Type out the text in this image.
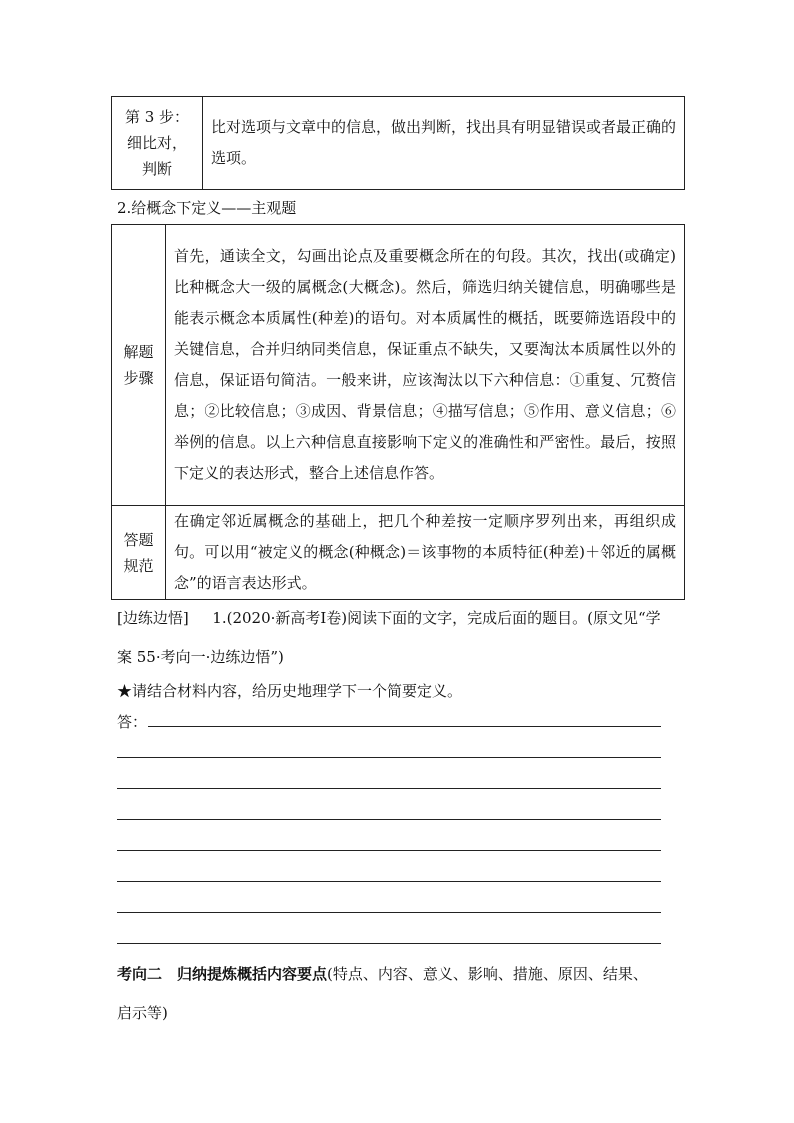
第 3 步：
细比对，
判断
	比对选项与文章中的信息，做出判断，找出具有明显错误或者最正确的选项。
2.给概念下定义——主观题
解题
步骤	首先，通读全文，勾画出论点及重要概念所在的句段。其次，找出(或确定)比种概念大一级的属概念(大概念)。然后，筛选归纳关键信息，明确哪些是能表示概念本质属性(种差)的语句。对本质属性的概括，既要筛选语段中的关键信息，合并归纳同类信息，保证重点不缺失，又要淘汰本质属性以外的信息，保证语句简洁。一般来讲，应该淘汰以下六种信息：①重复、冗赘信息；②比较信息；③成因、背景信息；④描写信息；⑤作用、意义信息；⑥举例的信息。以上六种信息直接影响下定义的准确性和严密性。最后，按照下定义的表达形式，整合上述信息作答。

答题
规范	在确定邻近属概念的基础上，把几个种差按一定顺序罗列出来，再组织成句。可以用“被定义的概念(种概念)＝该事物的本质特征(种差)＋邻近的属概念”的语言表达形式。
[边练边悟] 1.(2020·新高考Ⅰ卷)阅读下面的文字，完成后面的题目。(原文见“学
案 55·考向一·边练边悟”)
★请结合材料内容，给历史地理学下一个简要定义。
答：
考向二　归纳提炼概括内容要点(特点、内容、意义、影响、措施、原因、结果、
启示等)
